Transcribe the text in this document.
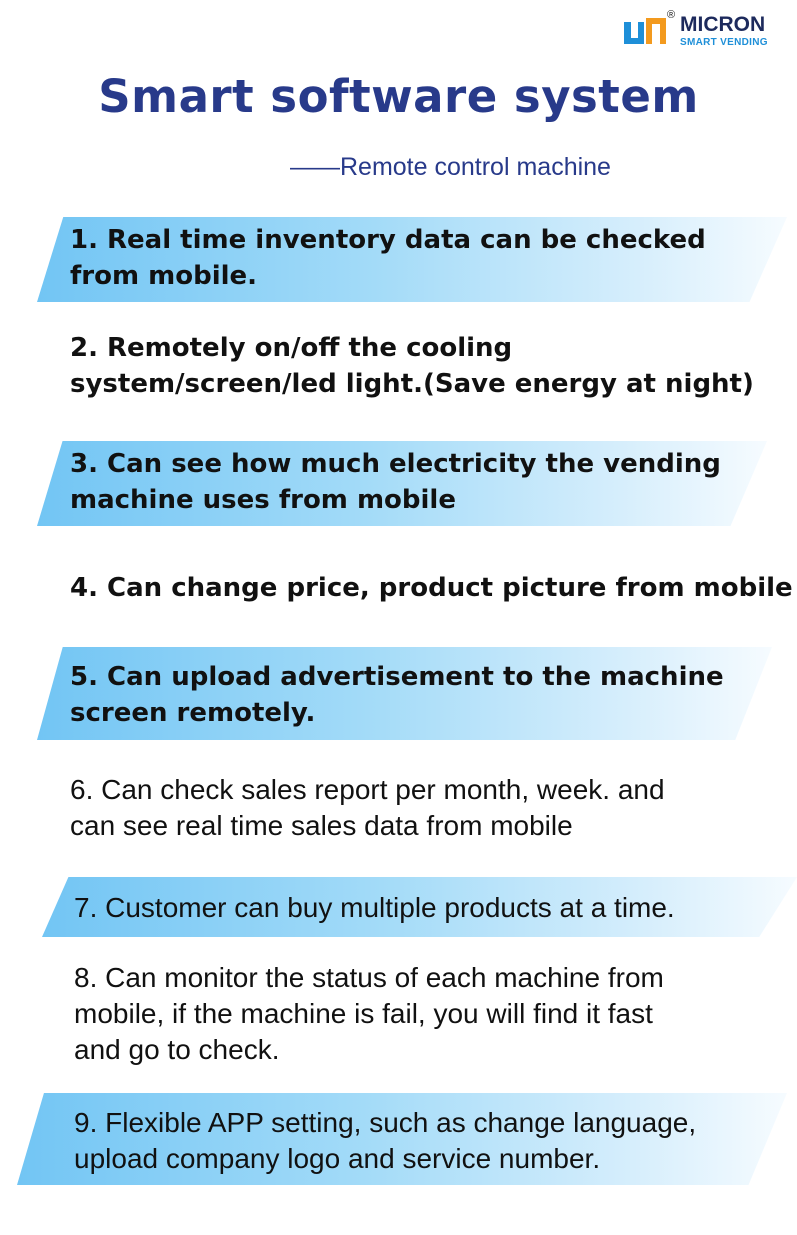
® MICRON
SMART VENDING
Smart software system
——Remote control machine
1. Real time inventory data can be checked
from mobile.
2. Remotely on/off the cooling
system/screen/led light.(Save energy at night)
3. Can see how much electricity the vending
machine uses from mobile
4. Can change price, product picture from mobile
5. Can upload advertisement to the machine
screen remotely.
6. Can check sales report per month, week. and
can see real time sales data from mobile
7. Customer can buy multiple products at a time.
8. Can monitor the status of each machine from
mobile, if the machine is fail, you will find it fast
and go to check.
9. Flexible APP setting, such as change language,
upload company logo and service number.
